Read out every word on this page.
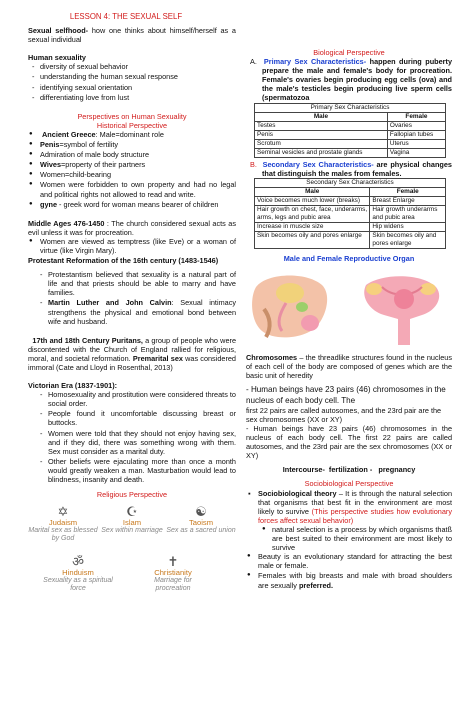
LESSON 4: THE SEXUAL SELF

Sexual selfhood- how one thinks about himself/herself as a sexual individual

Human sexuality

- diversity of sexual behavior
- understanding the human sexual response
- identifying sexual orientation
- differentiating love from lust

Perspectives on Human Sexuality

Historical Perspective

● Ancient Greece: Male=dominant role
● Penis=symbol of fertility
● Admiration of male body structure
● Wives=property of their partners
● Women=child-bearing
● Women were forbidden to own property and had no legal and political rights not allowed to read and write.
● gyne - greek word for woman means bearer of children

Middle Ages 476-1450 : The church considered sexual acts as evil unless it was for procreation.

● Women are viewed as temptress (like Eve) or a woman of virtue (like Virgin Mary).

Protestant Reformation of the 16th century (1483-1546)

- Protestantism believed that sexuality is a natural part of life and that priests should be able to marry and have families.
- Martin Luther and John Calvin: Sexual intimacy strengthens the physical and emotional bond between wife and husband.

17th and 18th Century Puritans, a group of people who were discontented with the Church of England rallied for religious, moral, and societal reformation. Premarital sex was considered immoral (Cate and Lloyd in Rosenthal, 2013)

Victorian Era (1837-1901):

- Homosexuality and prostitution were considered threats to social order.
- People found it uncomfortable discussing breast or buttocks.
- Women were told that they should not enjoy having sex, and if they did, there was something wrong with them. Sex must consider as a marital duty.
- Other beliefs were ejaculating more than once a month would greatly weaken a man. Masturbation would lead to blindness, insanity and death.

Religious Perspective

✡
Judaism
Marital sex as blessed by God
☪
Islam
Sex within marriage
☯
Taoism
Sex as a sacred union
ॐ
Hinduism
Sexuality as a spiritual force
✝
Christianity
Marriage for procreation

Biological Perspective

A. Primary Sex Characteristics- happen during puberty prepare the male and female's body for procreation. Female's ovaries begin producing egg cells (ova) and the male's testicles begin producing live sperm cells (spermatozoa

Primary Sex Characteristics	
Male	Female
Testes	Ovaries
Penis	Fallopian tubes
Scrotum	Uterus
Seminal vesicles and prostate glands	Vagina

B. Secondary Sex Characteristics- are physical changes that distinguish the males from females.

Secondary Sex Characteristics	
Male	Female
Voice becomes much lower (breaks)	Breast Enlarge
Hair growth on chest, face, underarms, arms, legs and pubic area	Hair growth underarms and pubic area
Increase in muscle size	Hip widens
Skin becomes oily and pores enlarge	Skin becomes oily and pores enlarge

Male and Female Reproductive Organ

Chromosomes – the threadlike structures found in the nucleus of each cell of the body are composed of genes which are the basic unit of heredity

- Human beings have 23 pairs (46) chromosomes in the nucleus of each body cell. The

first 22 pairs are called autosomes, and the 23rd pair are the sex chromosomes (XX or XY)

- Human beings have 23 pairs (46) chromosomes in the nucleus of each body cell. The first 22 pairs are called autosomes, and the 23rd pair are the sex chromosomes (XX or XY)

Intercourse-  fertilization -   pregnancy

Sociobiological Perspective

▪ Sociobiological theory – It is through the natural selection that organisms that best fit in the environment are most likely to survive (This perspective studies how evolutionary forces affect sexual behavior)
● natural selection is a process by which organisms thatß are best suited to their environment are most likely to survive
● Beauty is an evolutionary standard for attracting the best male or female.
● Females with big breasts and male with broad shoulders are sexually preferred.
